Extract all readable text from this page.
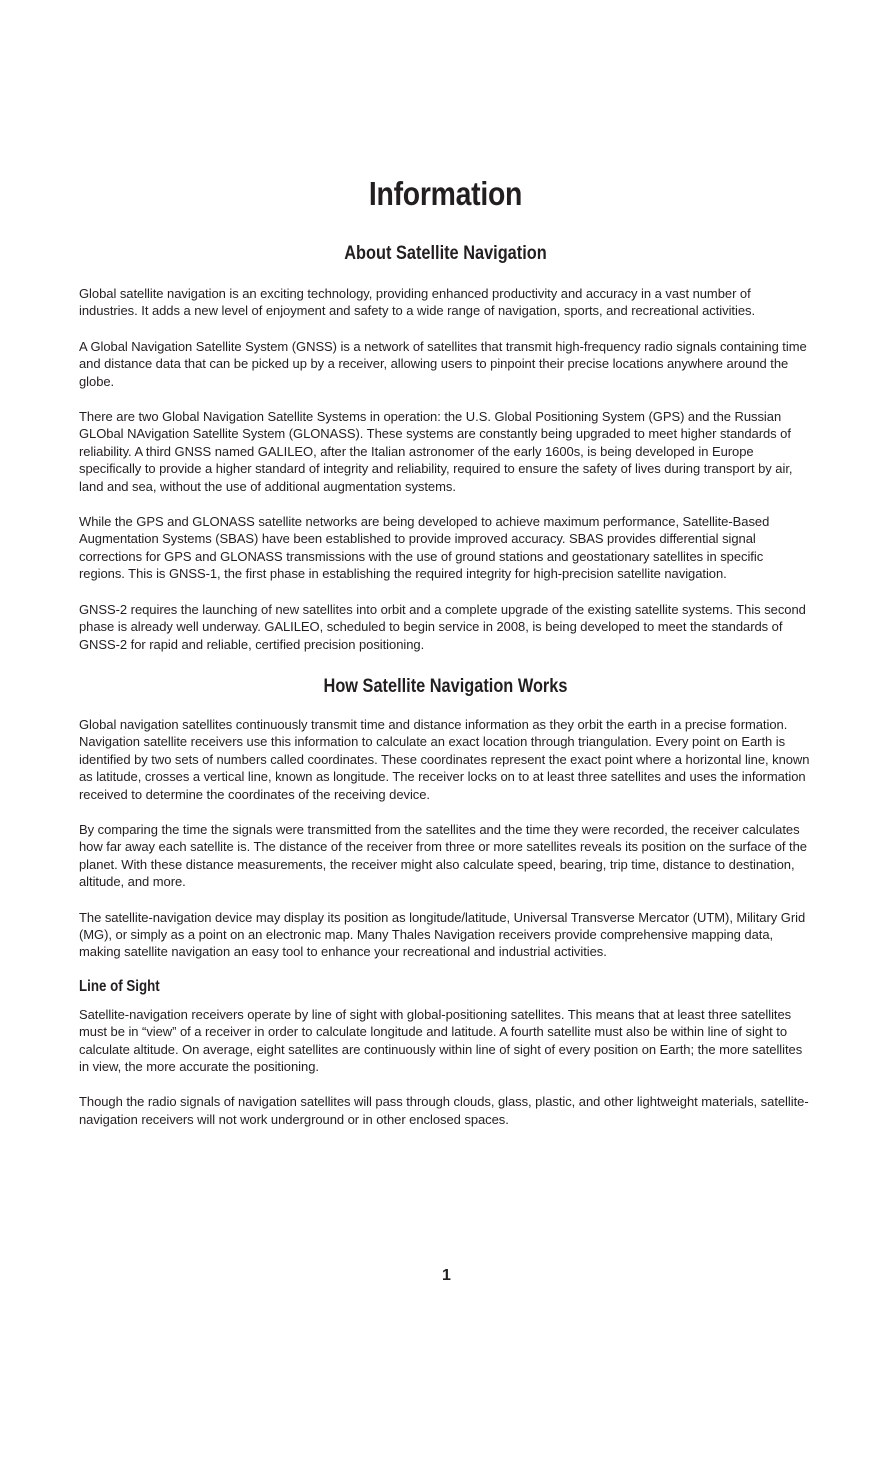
Information
About Satellite Navigation

Global satellite navigation is an exciting technology, providing enhanced productivity and accuracy in a vast number of industries. It adds a new level of enjoyment and safety to a wide range of navigation, sports, and recreational activities.

A Global Navigation Satellite System (GNSS) is a network of satellites that transmit high-frequency radio signals containing time and distance data that can be picked up by a receiver, allowing users to pinpoint their precise locations anywhere around the globe.

There are two Global Navigation Satellite Systems in operation: the U.S. Global Positioning System (GPS) and the Russian GLObal NAvigation Satellite System (GLONASS). These systems are constantly being upgraded to meet higher standards of reliability. A third GNSS named GALILEO, after the Italian astronomer of the early 1600s, is being developed in Europe specifically to provide a higher standard of integrity and reliability, required to ensure the safety of lives during transport by air, land and sea, without the use of additional augmentation systems.

While the GPS and GLONASS satellite networks are being developed to achieve maximum performance, Satellite-Based Augmentation Systems (SBAS) have been established to provide improved accuracy. SBAS provides differential signal corrections for GPS and GLONASS transmissions with the use of ground stations and geostationary satellites in specific regions. This is GNSS-1, the first phase in establishing the required integrity for high-precision satellite navigation.

GNSS-2 requires the launching of new satellites into orbit and a complete upgrade of the existing satellite systems. This second phase is already well underway. GALILEO, scheduled to begin service in 2008, is being developed to meet the standards of GNSS-2 for rapid and reliable, certified precision positioning.

How Satellite Navigation Works

Global navigation satellites continuously transmit time and distance information as they orbit the earth in a precise formation. Navigation satellite receivers use this information to calculate an exact location through triangulation. Every point on Earth is identified by two sets of numbers called coordinates. These coordinates represent the exact point where a horizontal line, known as latitude, crosses a vertical line, known as longitude. The receiver locks on to at least three satellites and uses the information received to determine the coordinates of the receiving device.

By comparing the time the signals were transmitted from the satellites and the time they were recorded, the receiver calculates how far away each satellite is. The distance of the receiver from three or more satellites reveals its position on the surface of the planet. With these distance measurements, the receiver might also calculate speed, bearing, trip time, distance to destination, altitude, and more.

The satellite-navigation device may display its position as longitude/latitude, Universal Transverse Mercator (UTM), Military Grid (MG), or simply as a point on an electronic map. Many Thales Navigation receivers provide comprehensive mapping data, making satellite navigation an easy tool to enhance your recreational and industrial activities.

Line of Sight

Satellite-navigation receivers operate by line of sight with global-positioning satellites. This means that at least three satellites must be in “view” of a receiver in order to calculate longitude and latitude. A fourth satellite must also be within line of sight to calculate altitude. On average, eight satellites are continuously within line of sight of every position on Earth; the more satellites in view, the more accurate the positioning.

Though the radio signals of navigation satellites will pass through clouds, glass, plastic, and other lightweight materials, satellite-navigation receivers will not work underground or in other enclosed spaces.

1
